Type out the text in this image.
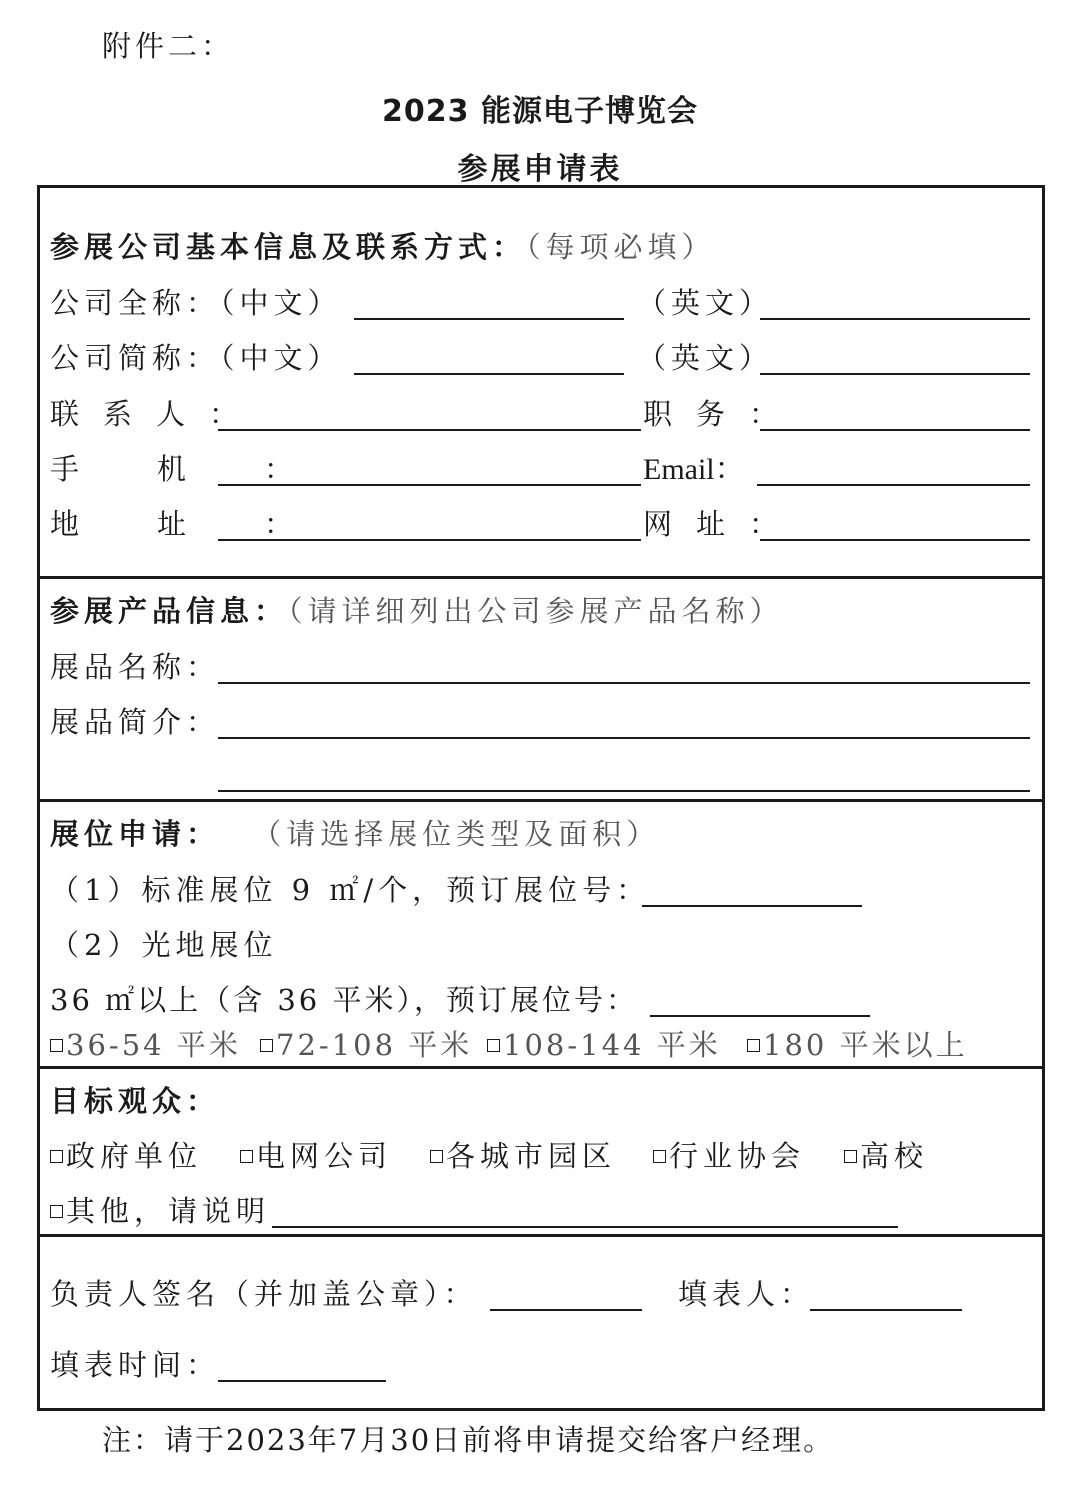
附件二：
2023 能源电子博览会
参展申请表
参展公司基本信息及联系方式：（每项必填）
公司全称：（中文）	（英文）
公司简称：（中文）	（英文）
联系人：	职务：
手机：	Email：
地址：	网址：
参展产品信息：（请详细列出公司参展产品名称）
展品名称：
展品简介：
展位申请： （请选择展位类型及面积）
（1）标准展位 9 ㎡/个，预订展位号：
（2）光地展位
36 ㎡以上（含 36 平米），预订展位号：
36-54 平米	72-108 平米	108-144 平米	180 平米以上
目标观众：
政府单位	电网公司	各城市园区	行业协会	高校
其他，请说明
负责人签名（并加盖公章）：	填表人：
填表时间：
注：请于2023年7月30日前将申请提交给客户经理。
